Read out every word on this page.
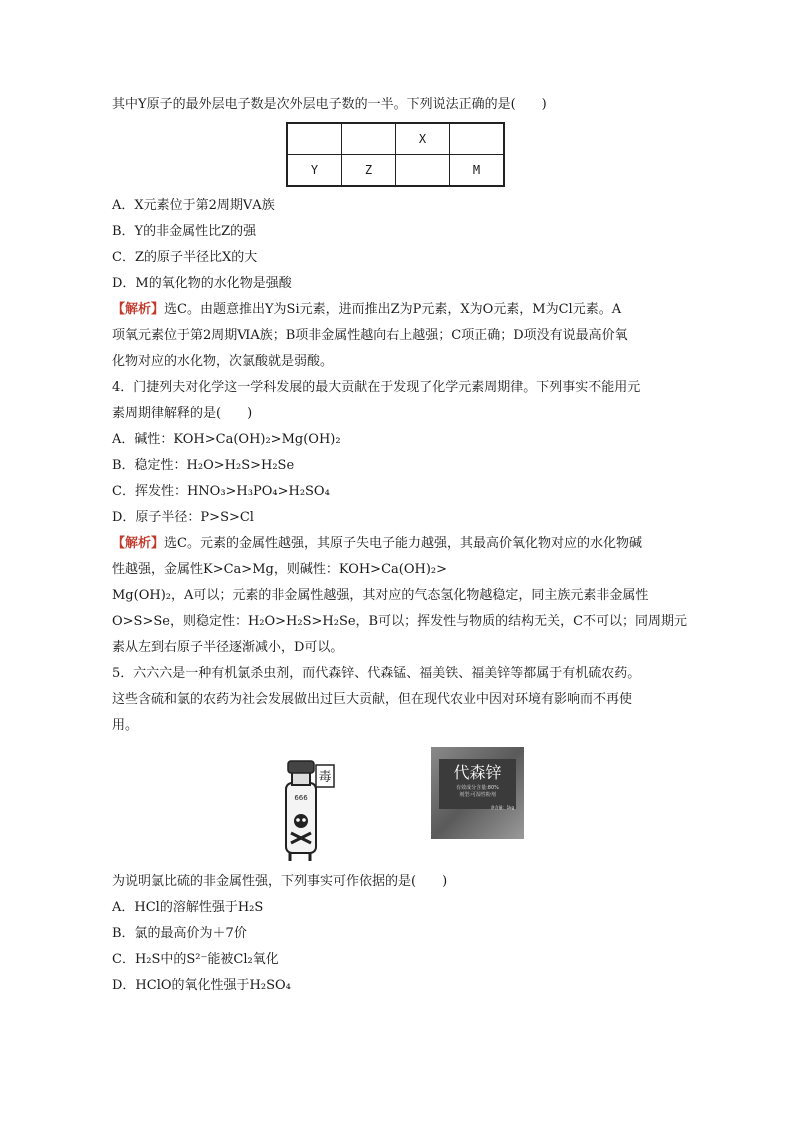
其中Y原子的最外层电子数是次外层电子数的一半。下列说法正确的是(　　)
		X	
Y	Z		M
A．X元素位于第2周期ⅤA族
B．Y的非金属性比Z的强
C．Z的原子半径比X的大
D．M的氧化物的水化物是强酸
【解析】选C。由题意推出Y为Si元素，进而推出Z为P元素，X为O元素，M为Cl元素。A
项氧元素位于第2周期ⅥA族；B项非金属性越向右上越强；C项正确；D项没有说最高价氧
化物对应的水化物，次氯酸就是弱酸。
4．门捷列夫对化学这一学科发展的最大贡献在于发现了化学元素周期律。下列事实不能用元
素周期律解释的是(　　)
A．碱性：KOH>Ca(OH)₂>Mg(OH)₂
B．稳定性：H₂O>H₂S>H₂Se
C．挥发性：HNO₃>H₃PO₄>H₂SO₄
D．原子半径：P>S>Cl
【解析】选C。元素的金属性越强，其原子失电子能力越强，其最高价氧化物对应的水化物碱
性越强，金属性K>Ca>Mg，则碱性：KOH>Ca(OH)₂>
Mg(OH)₂，A可以；元素的非金属性越强，其对应的气态氢化物越稳定，同主族元素非金属性
O>S>Se，则稳定性：H₂O>H₂S>H₂Se，B可以；挥发性与物质的结构无关，C不可以；同周期元
素从左到右原子半径逐渐减小，D可以。
5．六六六是一种有机氯杀虫剂，而代森锌、代森锰、福美铁、福美锌等都属于有机硫农药。
这些含硫和氯的农药为社会发展做出过巨大贡献，但在现代农业中因对环境有影响而不再使
用。
666
毒	代森锌
有效成分含量:80%
剂型:可湿性粉剂
净含量：1kg
为说明氯比硫的非金属性强，下列事实可作依据的是(　　)
A．HCl的溶解性强于H₂S
B．氯的最高价为＋7价
C．H₂S中的S²⁻能被Cl₂氧化
D．HClO的氧化性强于H₂SO₄
